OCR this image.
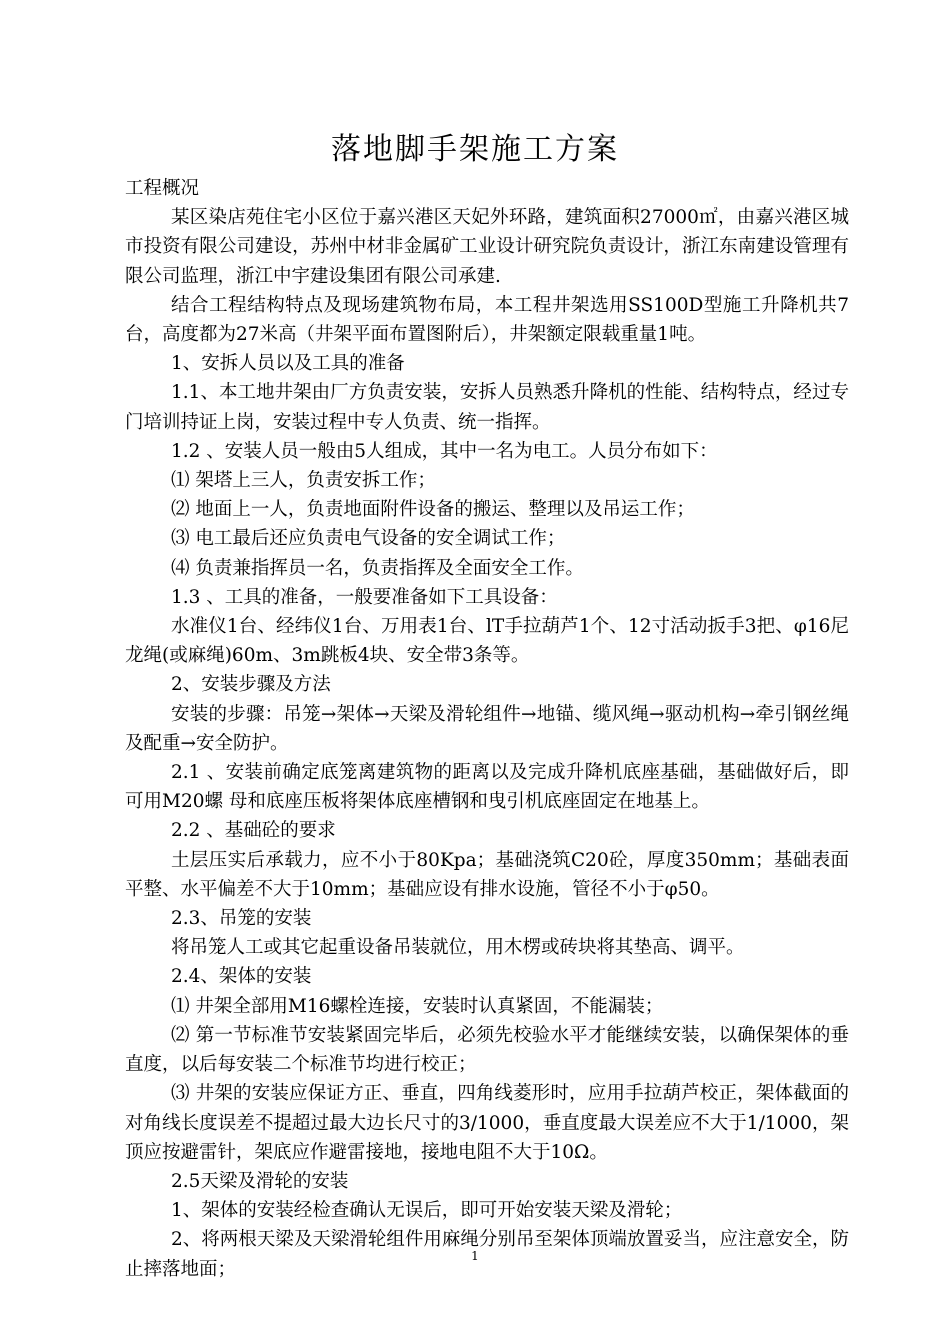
落地脚手架施工方案

工程概况

某区染店苑住宅小区位于嘉兴港区天妃外环路，建筑面积27000㎡，由嘉兴港区城市投资有限公司建设，苏州中材非金属矿工业设计研究院负责设计，浙江东南建设管理有限公司监理，浙江中宇建设集团有限公司承建.

结合工程结构特点及现场建筑物布局，本工程井架选用SS100D型施工升降机共7台，高度都为27米高（井架平面布置图附后），井架额定限载重量1吨。

1、安拆人员以及工具的准备

1.1、本工地井架由厂方负责安装，安拆人员熟悉升降机的性能、结构特点，经过专门培训持证上岗，安装过程中专人负责、统一指挥。

1.2 、安装人员一般由5人组成，其中一名为电工。人员分布如下：

⑴ 架塔上三人，负责安拆工作；

⑵ 地面上一人，负责地面附件设备的搬运、整理以及吊运工作；

⑶ 电工最后还应负责电气设备的安全调试工作；

⑷ 负责兼指挥员一名，负责指挥及全面安全工作。

1.3 、工具的准备，一般要准备如下工具设备：

水准仪1台、经纬仪1台、万用表1台、lT手拉葫芦1个、12寸活动扳手3把、φ16尼龙绳(或麻绳)60m、3m跳板4块、安全带3条等。

2、安装步骤及方法

安装的步骤：吊笼→架体→天梁及滑轮组件→地锚、缆风绳→驱动机构→牵引钢丝绳及配重→安全防护。

2.1 、安装前确定底笼离建筑物的距离以及完成升降机底座基础，基础做好后，即可用M20螺 母和底座压板将架体底座槽钢和曳引机底座固定在地基上。

2.2 、基础砼的要求

土层压实后承载力，应不小于80Kpa；基础浇筑C20砼，厚度350mm；基础表面平整、水平偏差不大于10mm；基础应设有排水设施，管径不小于φ50。

2.3、吊笼的安装

将吊笼人工或其它起重设备吊装就位，用木楞或砖块将其垫高、调平。

2.4、架体的安装

⑴ 井架全部用M16螺栓连接，安装时认真紧固，不能漏装；

⑵ 第一节标准节安装紧固完毕后，必须先校验水平才能继续安装，以确保架体的垂直度，以后每安装二个标准节均进行校正；

⑶ 井架的安装应保证方正、垂直，四角线菱形时，应用手拉葫芦校正，架体截面的对角线长度误差不提超过最大边长尺寸的3/1000，垂直度最大误差应不大于1/1000，架顶应按避雷针，架底应作避雷接地，接地电阻不大于10Ω。

2.5天梁及滑轮的安装

1、架体的安装经检查确认无误后，即可开始安装天梁及滑轮；

2、将两根天梁及天梁滑轮组件用麻绳分别吊至架体顶端放置妥当，应注意安全，防止摔落地面；

1
